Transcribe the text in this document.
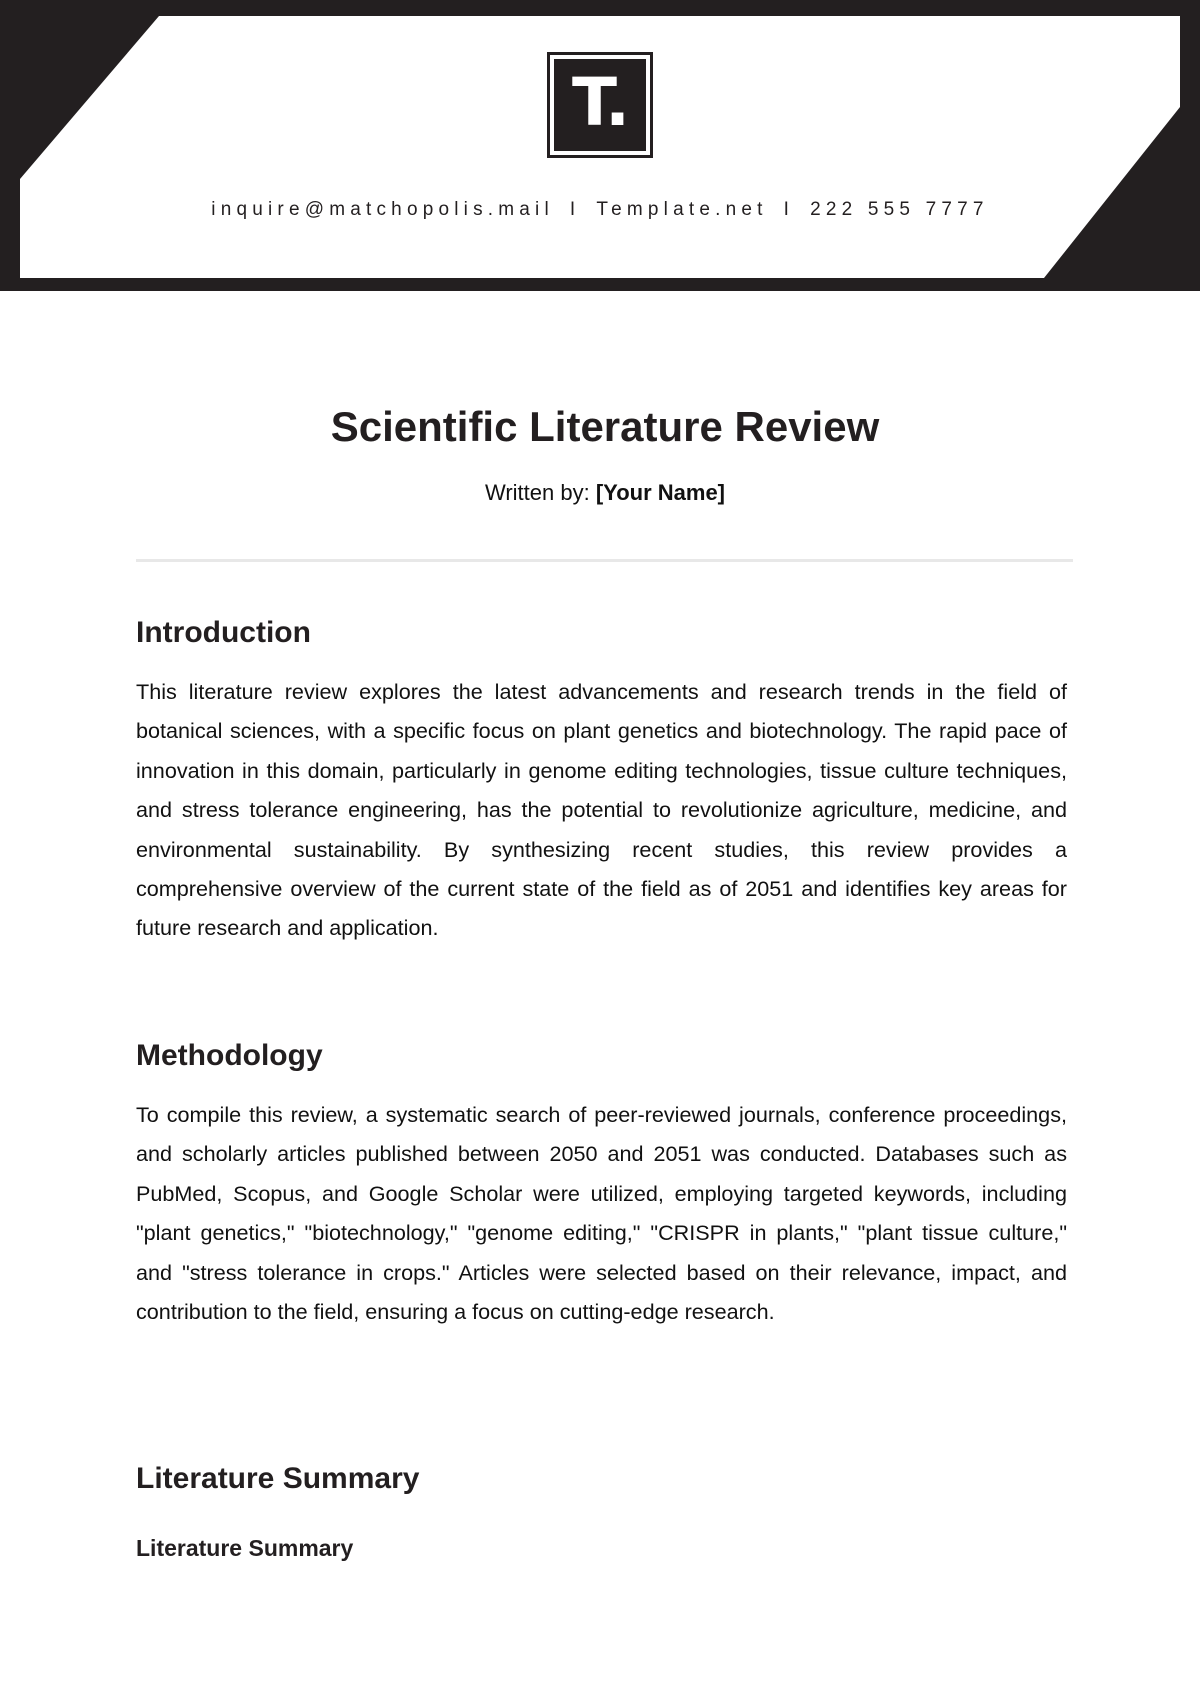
T.
inquire@matchopolis.mail I Template.net I 222 555 7777
Scientific Literature Review
Written by: [Your Name]
Introduction

This literature review explores the latest advancements and research trends in the field of botanical sciences, with a specific focus on plant genetics and biotechnology. The rapid pace of innovation in this domain, particularly in genome editing technologies, tissue culture techniques, and stress tolerance engineering, has the potential to revolutionize agriculture, medicine, and environmental sustainability. By synthesizing recent studies, this review provides a comprehensive overview of the current state of the field as of 2051 and identifies key areas for future research and application.

Methodology

To compile this review, a systematic search of peer-reviewed journals, conference proceedings, and scholarly articles published between 2050 and 2051 was conducted. Databases such as PubMed, Scopus, and Google Scholar were utilized, employing targeted keywords, including "plant genetics," "biotechnology," "genome editing," "CRISPR in plants," "plant tissue culture," and "stress tolerance in crops." Articles were selected based on their relevance, impact, and contribution to the field, ensuring a focus on cutting-edge research.

Literature Summary
Literature Summary
